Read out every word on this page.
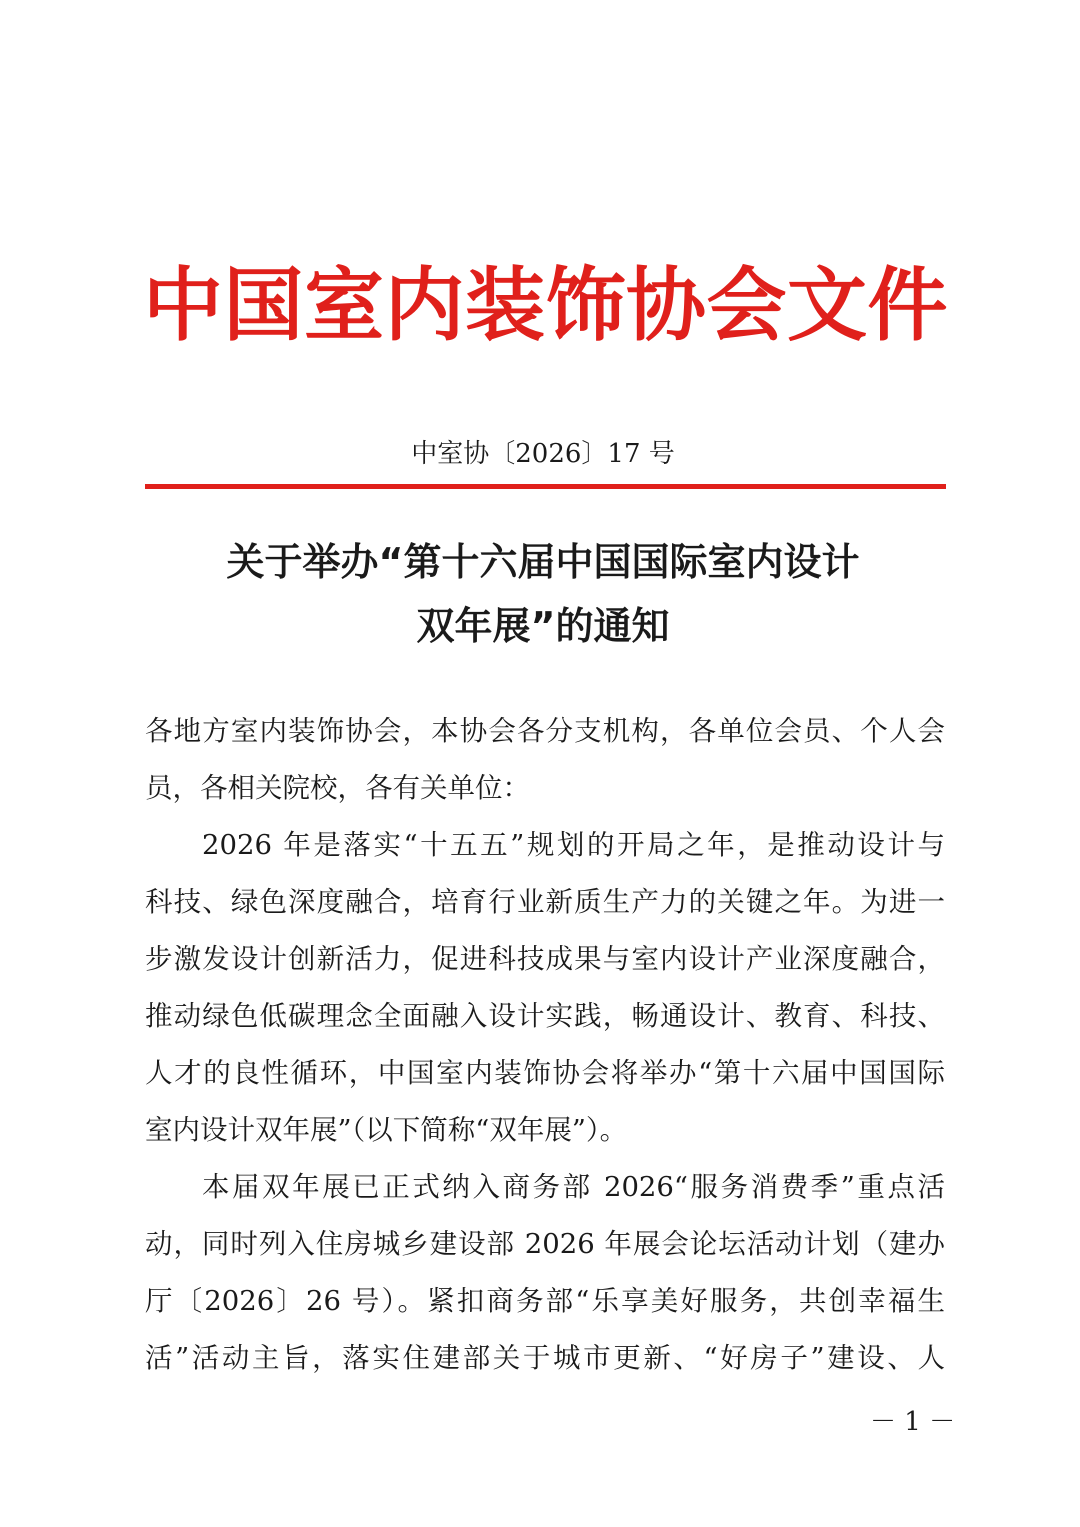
中国室内装饰协会文件
中室协〔2026〕17 号
关于举办“第十六届中国国际室内设计
双年展”的通知
各地方室内装饰协会，本协会各分支机构，各单位会员、个人会
员，各相关院校，各有关单位：
2026 年是落实“十五五”规划的开局之年，是推动设计与
科技、绿色深度融合，培育行业新质生产力的关键之年。为进一
步激发设计创新活力，促进科技成果与室内设计产业深度融合，
推动绿色低碳理念全面融入设计实践，畅通设计、教育、科技、
人才的良性循环，中国室内装饰协会将举办“第十六届中国国际
室内设计双年展”（以下简称“双年展”）。
本届双年展已正式纳入商务部 2026“服务消费季”重点活
动，同时列入住房城乡建设部 2026 年展会论坛活动计划（建办
厅〔2026〕26 号）。紧扣商务部“乐享美好服务，共创幸福生
活”活动主旨，落实住建部关于城市更新、“好房子”建设、人
－ 1 －
